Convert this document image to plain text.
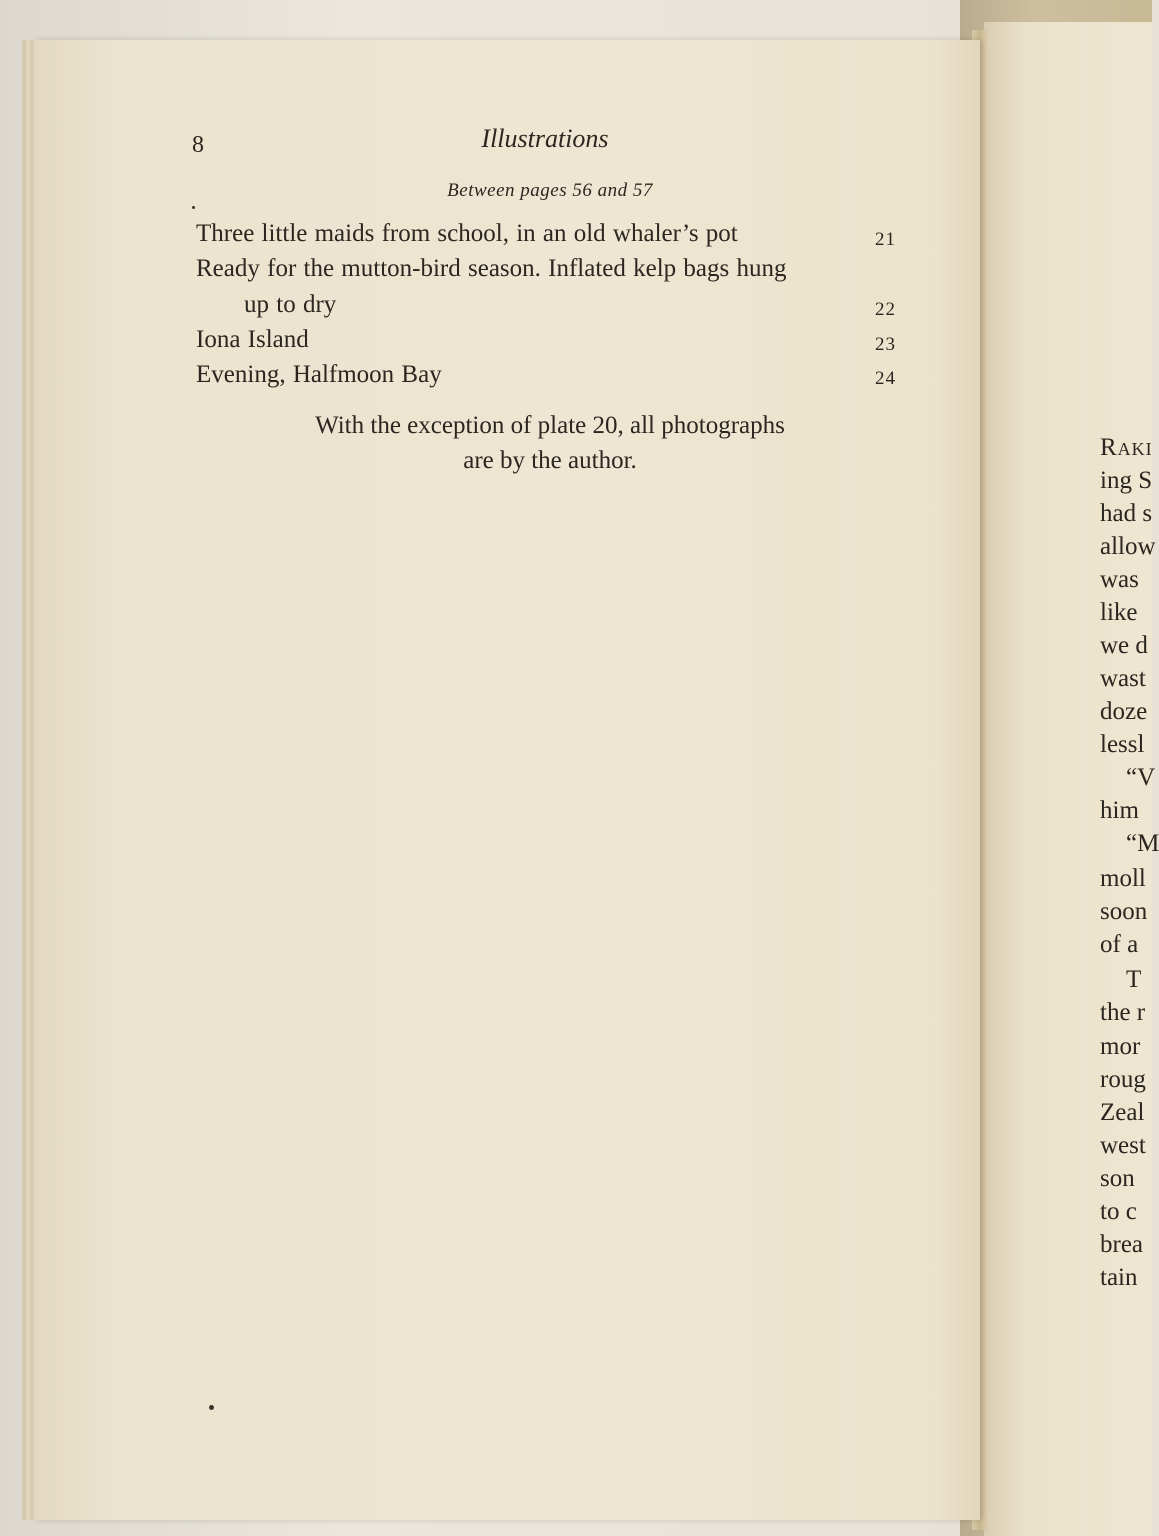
8	Illustrations
Between pages 56 and 57
Three little maids from school, in an old whaler’s pot	21
Ready for the mutton-bird season. Inflated kelp bags hung
up to dry	22
Iona Island	23
Evening, Halfmoon Bay	24
With the exception of plate 20, all photographs
are by the author.	Raki
ing S
had s
allow
was
like
we d
wast
doze
lessl
“V
him
“M
moll
soon
of a
T
the r
mor
roug
Zeal
west
son
to c
brea
tain
